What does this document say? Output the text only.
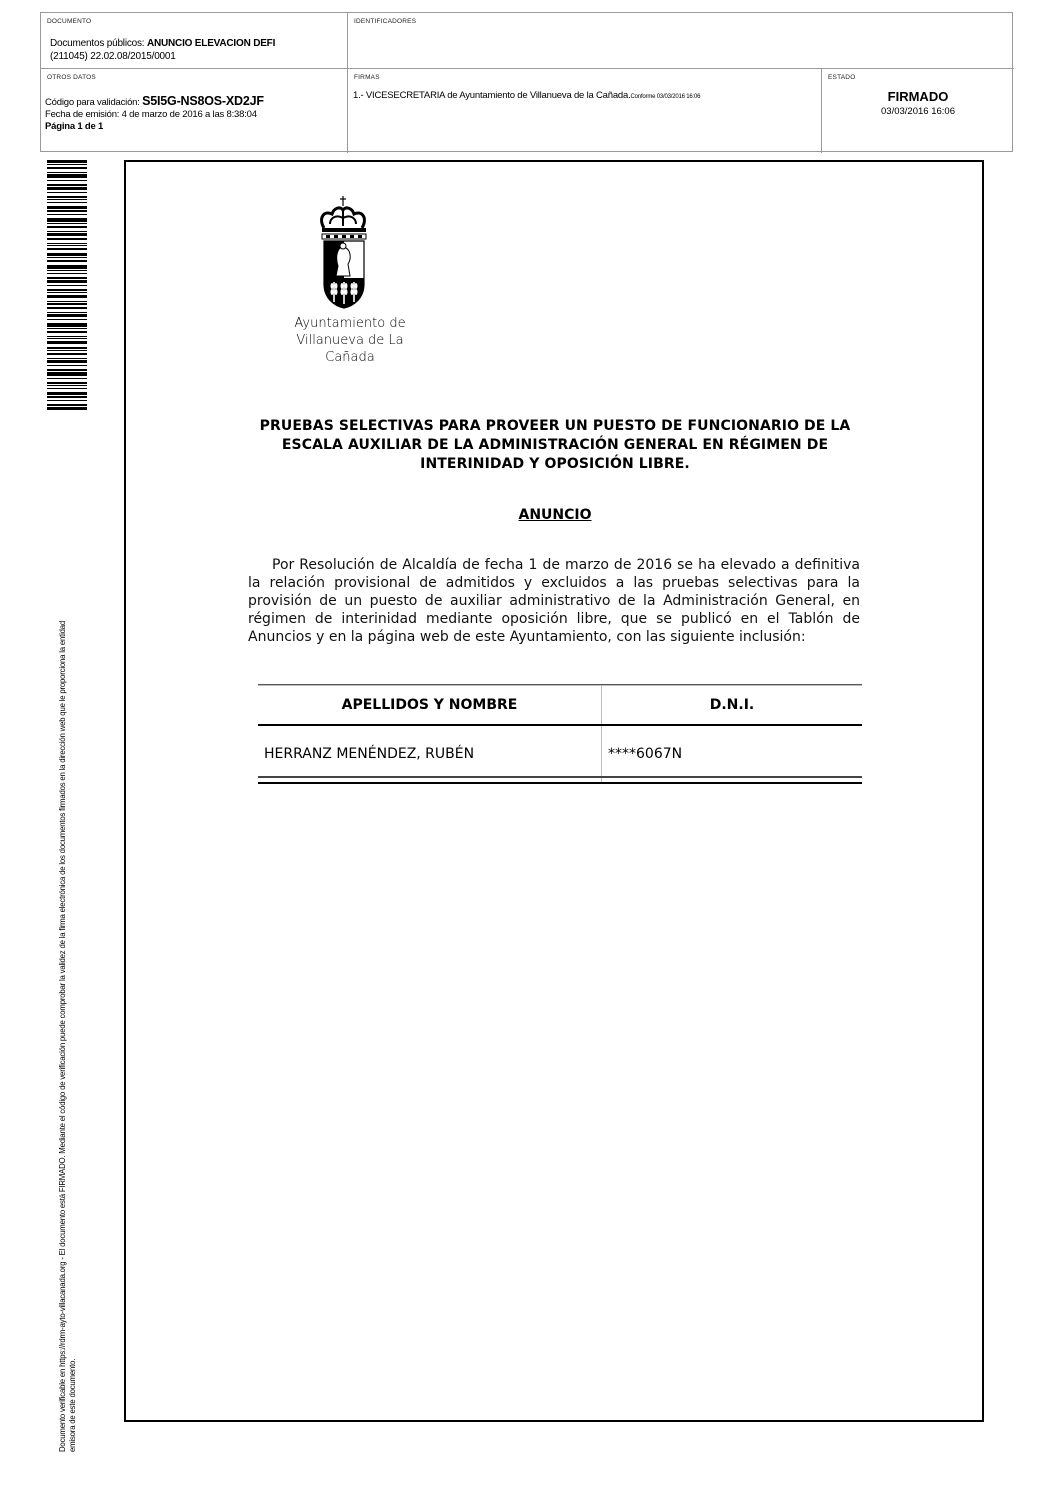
DOCUMENTO
Documentos públicos: ANUNCIO ELEVACION DEFI
(211045) 22.02.08/2015/0001
IDENTIFICADORES
OTROS DATOS
Código para validación: S5I5G-NS8OS-XD2JF
Fecha de emisión: 4 de marzo de 2016 a las 8:38:04
Página 1 de 1
FIRMAS
1.- VICESECRETARIA de Ayuntamiento de Villanueva de la Cañada.Conforme 03/03/2016 16:06
ESTADO
FIRMADO
03/03/2016 16:06
Documento verificable en https://rdrm-ayto-villacanada.org - El documento está FIRMADO. Mediante el código de verificación puede comprobar la validez de la firma electrónica de los documentos firmados en la dirección web que le proporciona la entidad emisora de este documento.
Ayuntamiento de
Villanueva de La Cañada
PRUEBAS SELECTIVAS PARA PROVEER UN PUESTO DE FUNCIONARIO DE LA ESCALA AUXILIAR DE LA ADMINISTRACIÓN GENERAL EN RÉGIMEN DE INTERINIDAD Y OPOSICIÓN LIBRE.
ANUNCIO
Por Resolución de Alcaldía de fecha 1 de marzo de 2016 se ha elevado a definitiva la relación provisional de admitidos y excluidos a las pruebas selectivas para la provisión de un puesto de auxiliar administrativo de la Administración General, en régimen de interinidad mediante oposición libre, que se publicó en el Tablón de Anuncios y en la página web de este Ayuntamiento, con las siguiente inclusión:
APELLIDOS Y NOMBRE	D.N.I.
HERRANZ MENÉNDEZ, RUBÉN	****6067N
